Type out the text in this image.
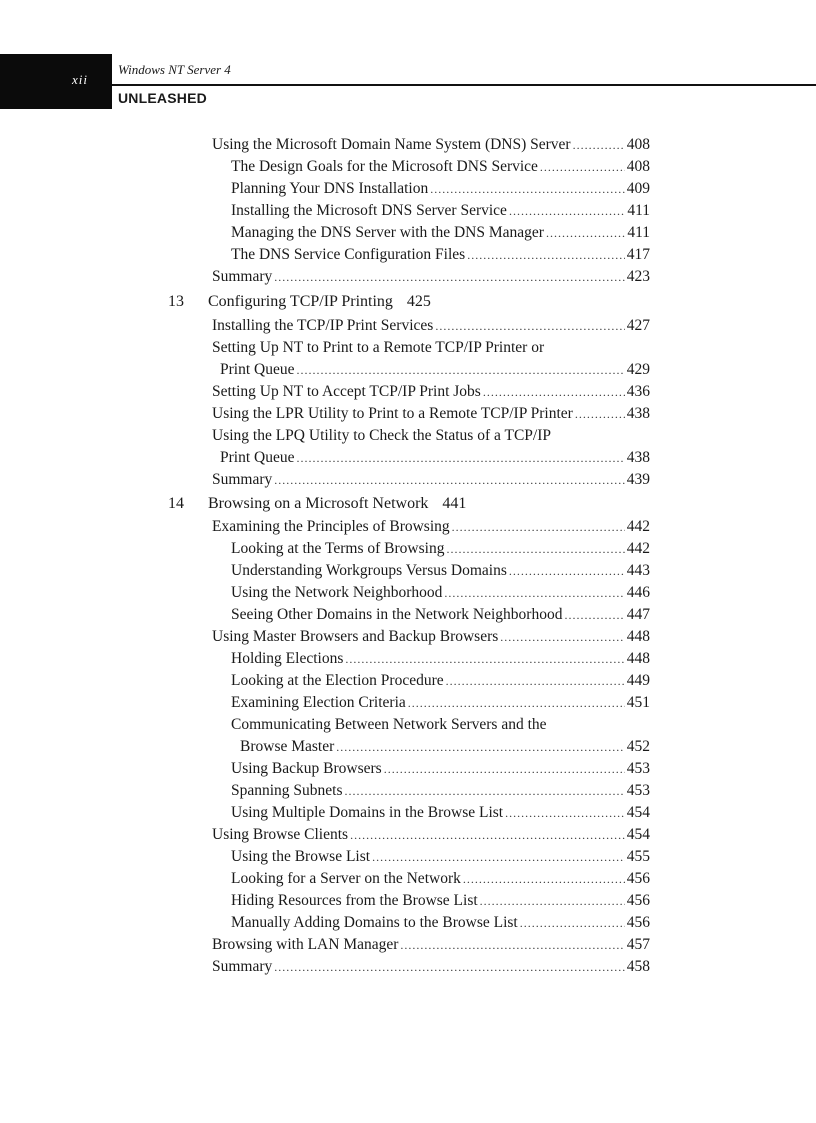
xii
Windows NT Server 4
UNLEASHED
Using the Microsoft Domain Name System (DNS) Server .....	408
The Design Goals for the Microsoft DNS Service .....	408
Planning Your DNS Installation .....	409
Installing the Microsoft DNS Server Service .....	411
Managing the DNS Server with the DNS Manager .....	411
The DNS Service Configuration Files .....	417
Summary .....	423
13	Configuring TCP/IP Printing 425
Installing the TCP/IP Print Services .....	427
Setting Up NT to Print to a Remote TCP/IP Printer or
Print Queue .....	429
Setting Up NT to Accept TCP/IP Print Jobs .....	436
Using the LPR Utility to Print to a Remote TCP/IP Printer .....	438
Using the LPQ Utility to Check the Status of a TCP/IP
Print Queue .....	438
Summary .....	439
14	Browsing on a Microsoft Network 441
Examining the Principles of Browsing .....	442
Looking at the Terms of Browsing .....	442
Understanding Workgroups Versus Domains .....	443
Using the Network Neighborhood .....	446
Seeing Other Domains in the Network Neighborhood .....	447
Using Master Browsers and Backup Browsers .....	448
Holding Elections .....	448
Looking at the Election Procedure .....	449
Examining Election Criteria .....	451
Communicating Between Network Servers and the
Browse Master .....	452
Using Backup Browsers .....	453
Spanning Subnets .....	453
Using Multiple Domains in the Browse List .....	454
Using Browse Clients .....	454
Using the Browse List .....	455
Looking for a Server on the Network .....	456
Hiding Resources from the Browse List .....	456
Manually Adding Domains to the Browse List .....	456
Browsing with LAN Manager .....	457
Summary .....	458
